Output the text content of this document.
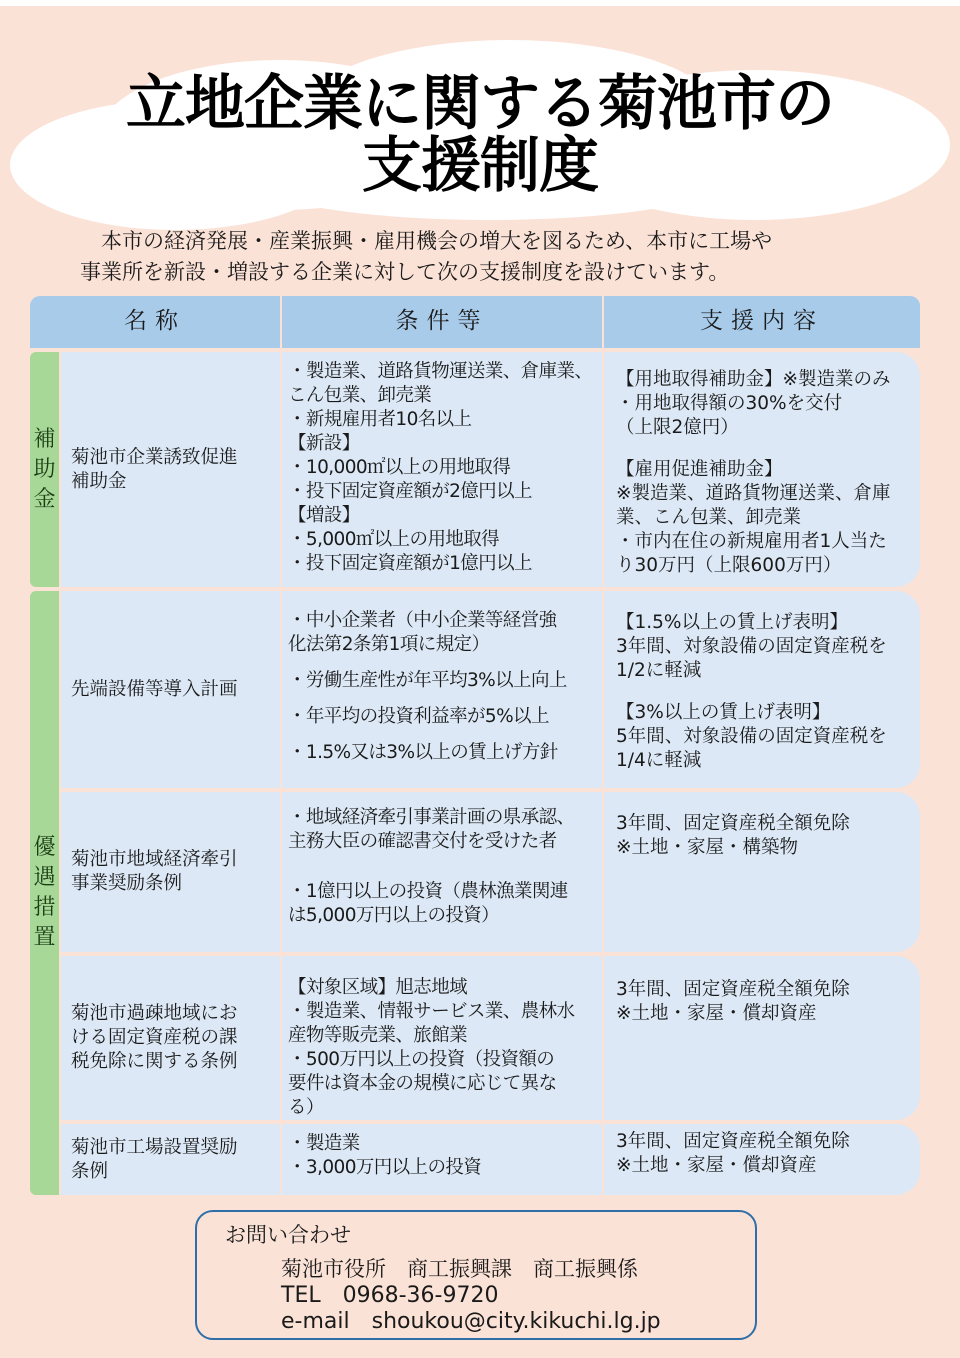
立地企業に関する菊池市の
支援制度
　本市の経済発展・産業振興・雇用機会の増大を図るため、本市に工場や
事業所を新設・増設する企業に対して次の支援制度を設けています。
名称	条件等	支援内容
補
助
金
優
遇
措
置
菊池市企業誘致促進
補助金
・製造業、道路貨物運送業、倉庫業、
こん包業、卸売業
・新規雇用者10名以上
【新設】
・10,000㎡以上の用地取得
・投下固定資産額が2億円以上
【増設】
・5,000㎡以上の用地取得
・投下固定資産額が1億円以上
【用地取得補助金】※製造業のみ
・用地取得額の30%を交付
（上限2億円）
【雇用促進補助金】
※製造業、道路貨物運送業、倉庫
業、こん包業、卸売業
・市内在住の新規雇用者1人当た
り30万円（上限600万円）
先端設備等導入計画
・中小企業者（中小企業等経営強
化法第2条第1項に規定）
・労働生産性が年平均3%以上向上
・年平均の投資利益率が5%以上
・1.5%又は3%以上の賃上げ方針
【1.5%以上の賃上げ表明】
3年間、対象設備の固定資産税を
1/2に軽減
【3%以上の賃上げ表明】
5年間、対象設備の固定資産税を
1/4に軽減
菊池市地域経済牽引
事業奨励条例
・地域経済牽引事業計画の県承認、
主務大臣の確認書交付を受けた者
・1億円以上の投資（農林漁業関連
は5,000万円以上の投資）
3年間、固定資産税全額免除
※土地・家屋・構築物
菊池市過疎地域にお
ける固定資産税の課
税免除に関する条例
【対象区域】旭志地域
・製造業、情報サービス業、農林水
産物等販売業、旅館業
・500万円以上の投資（投資額の
要件は資本金の規模に応じて異な
る）
3年間、固定資産税全額免除
※土地・家屋・償却資産
菊池市工場設置奨励
条例
・製造業
・3,000万円以上の投資
3年間、固定資産税全額免除
※土地・家屋・償却資産
お問い合わせ
菊池市役所　商工振興課　商工振興係
TEL　0968-36-9720
e-mail　shoukou@city.kikuchi.lg.jp
